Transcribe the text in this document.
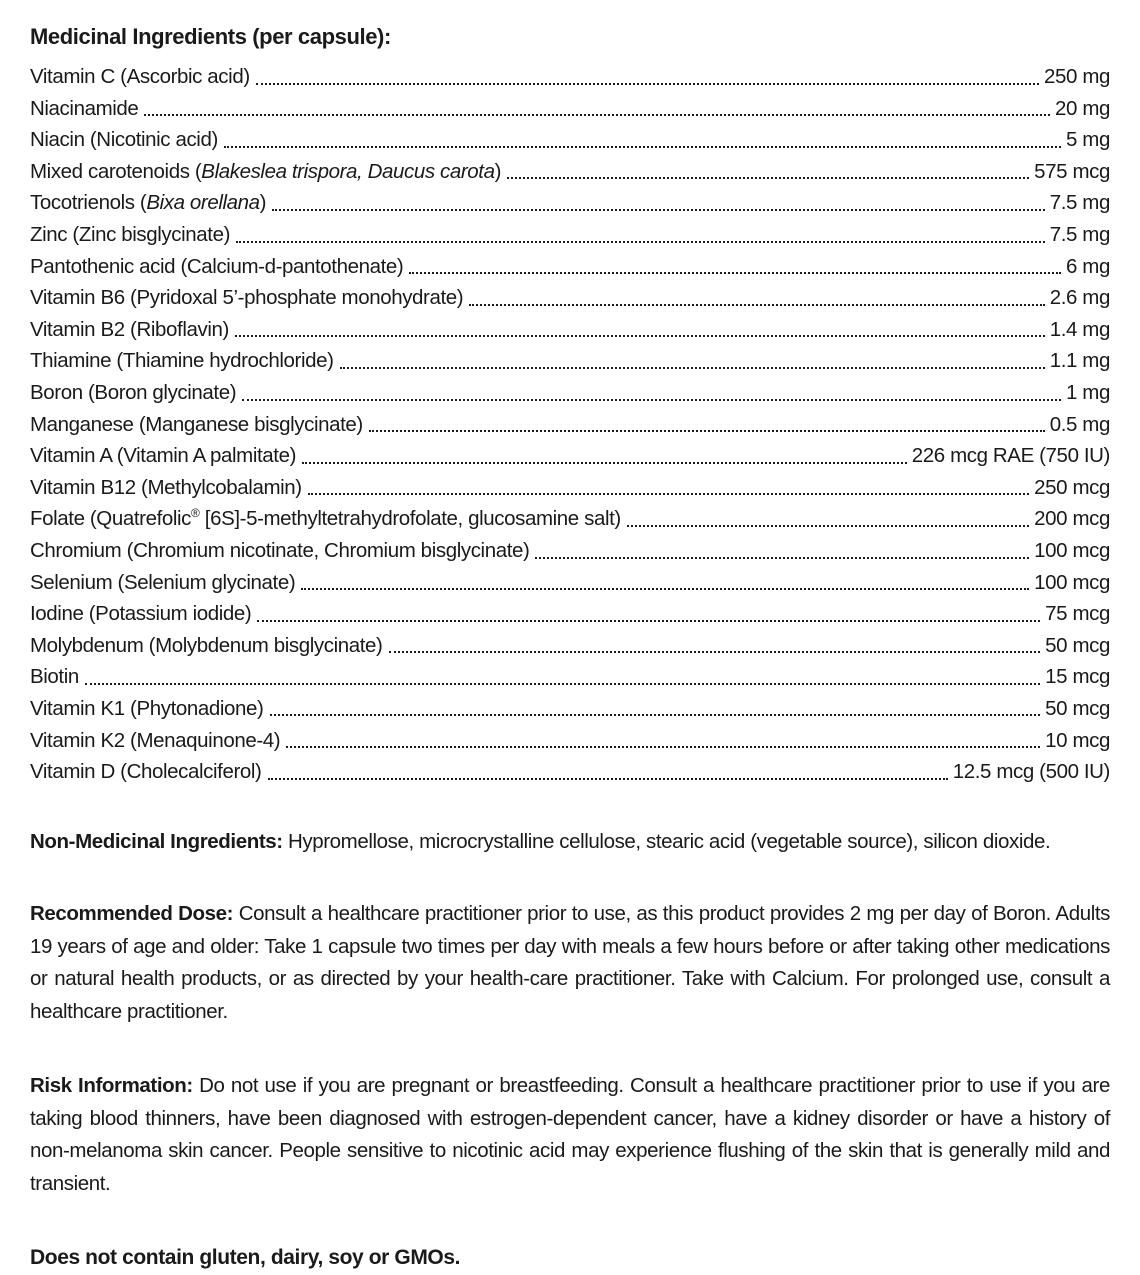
Medicinal Ingredients (per capsule):
Vitamin C (Ascorbic acid)	250 mg
Niacinamide	20 mg
Niacin (Nicotinic acid)	5 mg
Mixed carotenoids (Blakeslea trispora, Daucus carota)	575 mcg
Tocotrienols (Bixa orellana)	7.5 mg
Zinc (Zinc bisglycinate)	7.5 mg
Pantothenic acid (Calcium-d-pantothenate)	6 mg
Vitamin B6 (Pyridoxal 5’-phosphate monohydrate)	2.6 mg
Vitamin B2 (Riboflavin)	1.4 mg
Thiamine (Thiamine hydrochloride)	1.1 mg
Boron (Boron glycinate)	1 mg
Manganese (Manganese bisglycinate)	0.5 mg
Vitamin A (Vitamin A palmitate)	226 mcg RAE (750 IU)
Vitamin B12 (Methylcobalamin)	250 mcg
Folate (Quatrefolic® [6S]-5-methyltetrahydrofolate, glucosamine salt)	200 mcg
Chromium (Chromium nicotinate, Chromium bisglycinate)	100 mcg
Selenium (Selenium glycinate)	100 mcg
Iodine (Potassium iodide)	75 mcg
Molybdenum (Molybdenum bisglycinate)	50 mcg
Biotin	15 mcg
Vitamin K1 (Phytonadione)	50 mcg
Vitamin K2 (Menaquinone-4)	10 mcg
Vitamin D (Cholecalciferol)	12.5 mcg (500 IU)

Non-Medicinal Ingredients: Hypromellose, microcrystalline cellulose, stearic acid (vegetable source), silicon dioxide.

Recommended Dose: Consult a healthcare practitioner prior to use, as this product provides 2 mg per day of Boron. Adults 19 years of age and older: Take 1 capsule two times per day with meals a few hours before or after taking other medications or natural health products, or as directed by your health-care practitioner. Take with Calcium. For prolonged use, consult a healthcare practitioner.

Risk Information: Do not use if you are pregnant or breastfeeding. Consult a healthcare practitioner prior to use if you are taking blood thinners, have been diagnosed with estrogen-dependent cancer, have a kidney disorder or have a history of non-melanoma skin cancer. People sensitive to nicotinic acid may experience flushing of the skin that is generally mild and transient.

Does not contain gluten, dairy, soy or GMOs.
